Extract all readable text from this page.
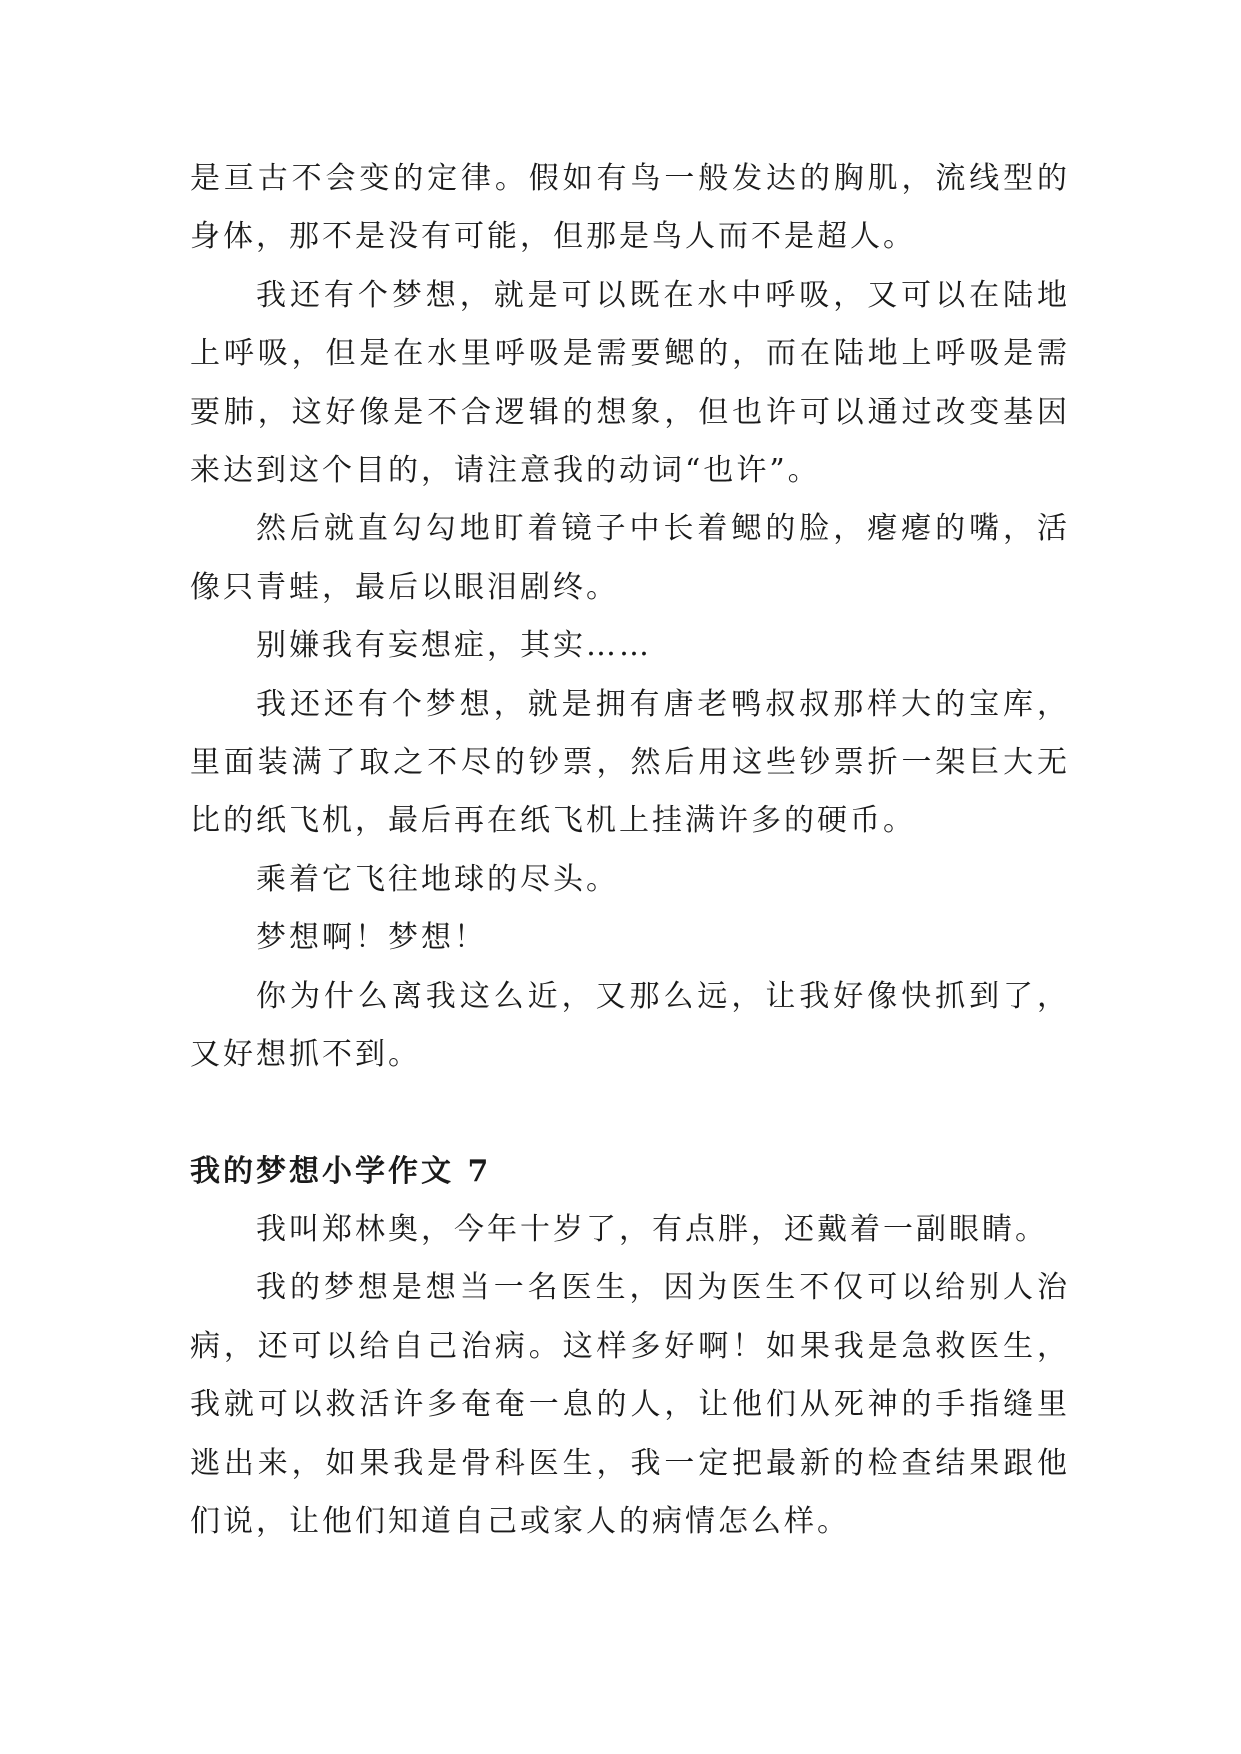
是亘古不会变的定律。假如有鸟一般发达的胸肌，流线型的身体，那不是没有可能，但那是鸟人而不是超人。

我还有个梦想，就是可以既在水中呼吸，又可以在陆地上呼吸，但是在水里呼吸是需要鳃的，而在陆地上呼吸是需要肺，这好像是不合逻辑的想象，但也许可以通过改变基因来达到这个目的，请注意我的动词“也许”。

然后就直勾勾地盯着镜子中长着鳃的脸，瘪瘪的嘴，活像只青蛙，最后以眼泪剧终。

别嫌我有妄想症，其实……

我还还有个梦想，就是拥有唐老鸭叔叔那样大的宝库，里面装满了取之不尽的钞票，然后用这些钞票折一架巨大无比的纸飞机，最后再在纸飞机上挂满许多的硬币。

乘着它飞往地球的尽头。

梦想啊！梦想！

你为什么离我这么近，又那么远，让我好像快抓到了，又好想抓不到。

我的梦想小学作文 7

我叫郑林奥，今年十岁了，有点胖，还戴着一副眼睛。

我的梦想是想当一名医生，因为医生不仅可以给别人治病，还可以给自己治病。这样多好啊！如果我是急救医生，我就可以救活许多奄奄一息的人，让他们从死神的手指缝里逃出来，如果我是骨科医生，我一定把最新的检查结果跟他们说，让他们知道自己或家人的病情怎么样。
